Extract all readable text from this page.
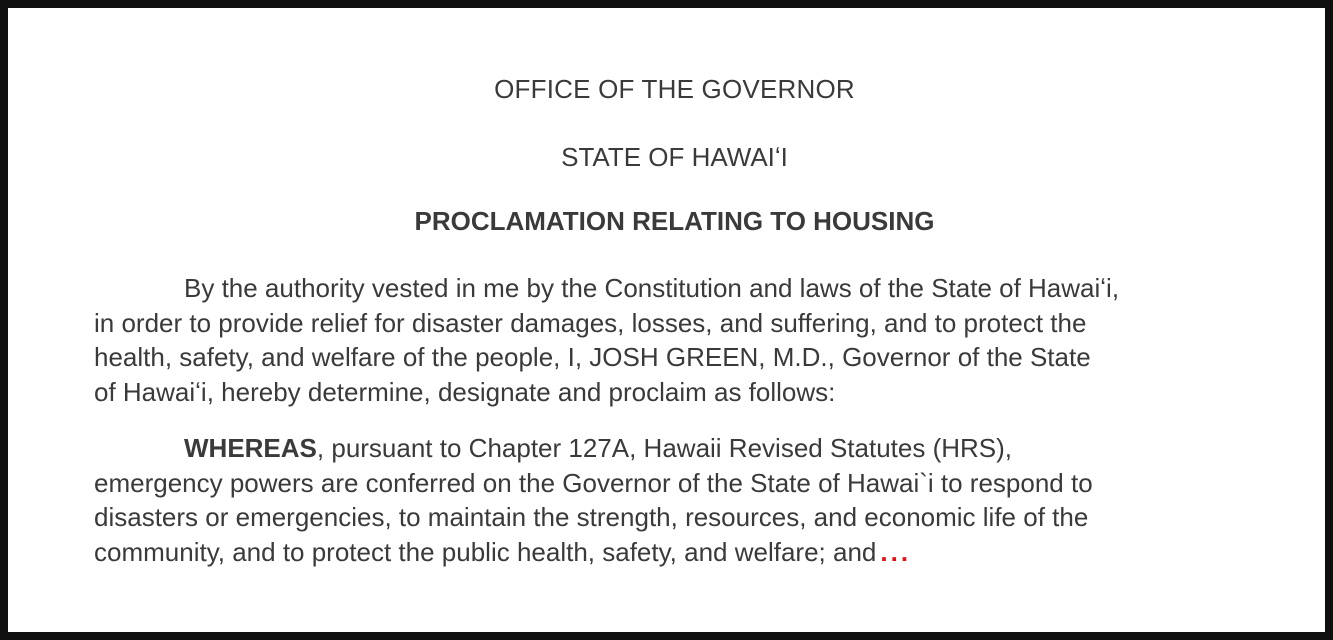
OFFICE OF THE GOVERNOR

STATE OF HAWAIʻI

PROCLAMATION RELATING TO HOUSING

By the authority vested in me by the Constitution and laws of the State of Hawaiʻi,
in order to provide relief for disaster damages, losses, and suffering, and to protect the
health, safety, and welfare of the people, I, JOSH GREEN, M.D., Governor of the State
of Hawaiʻi, hereby determine, designate and proclaim as follows:

WHEREAS, pursuant to Chapter 127A, Hawaii Revised Statutes (HRS),
emergency powers are conferred on the Governor of the State of Hawai`i to respond to
disasters or emergencies, to maintain the strength, resources, and economic life of the
community, and to protect the public health, safety, and welfare; and ...
